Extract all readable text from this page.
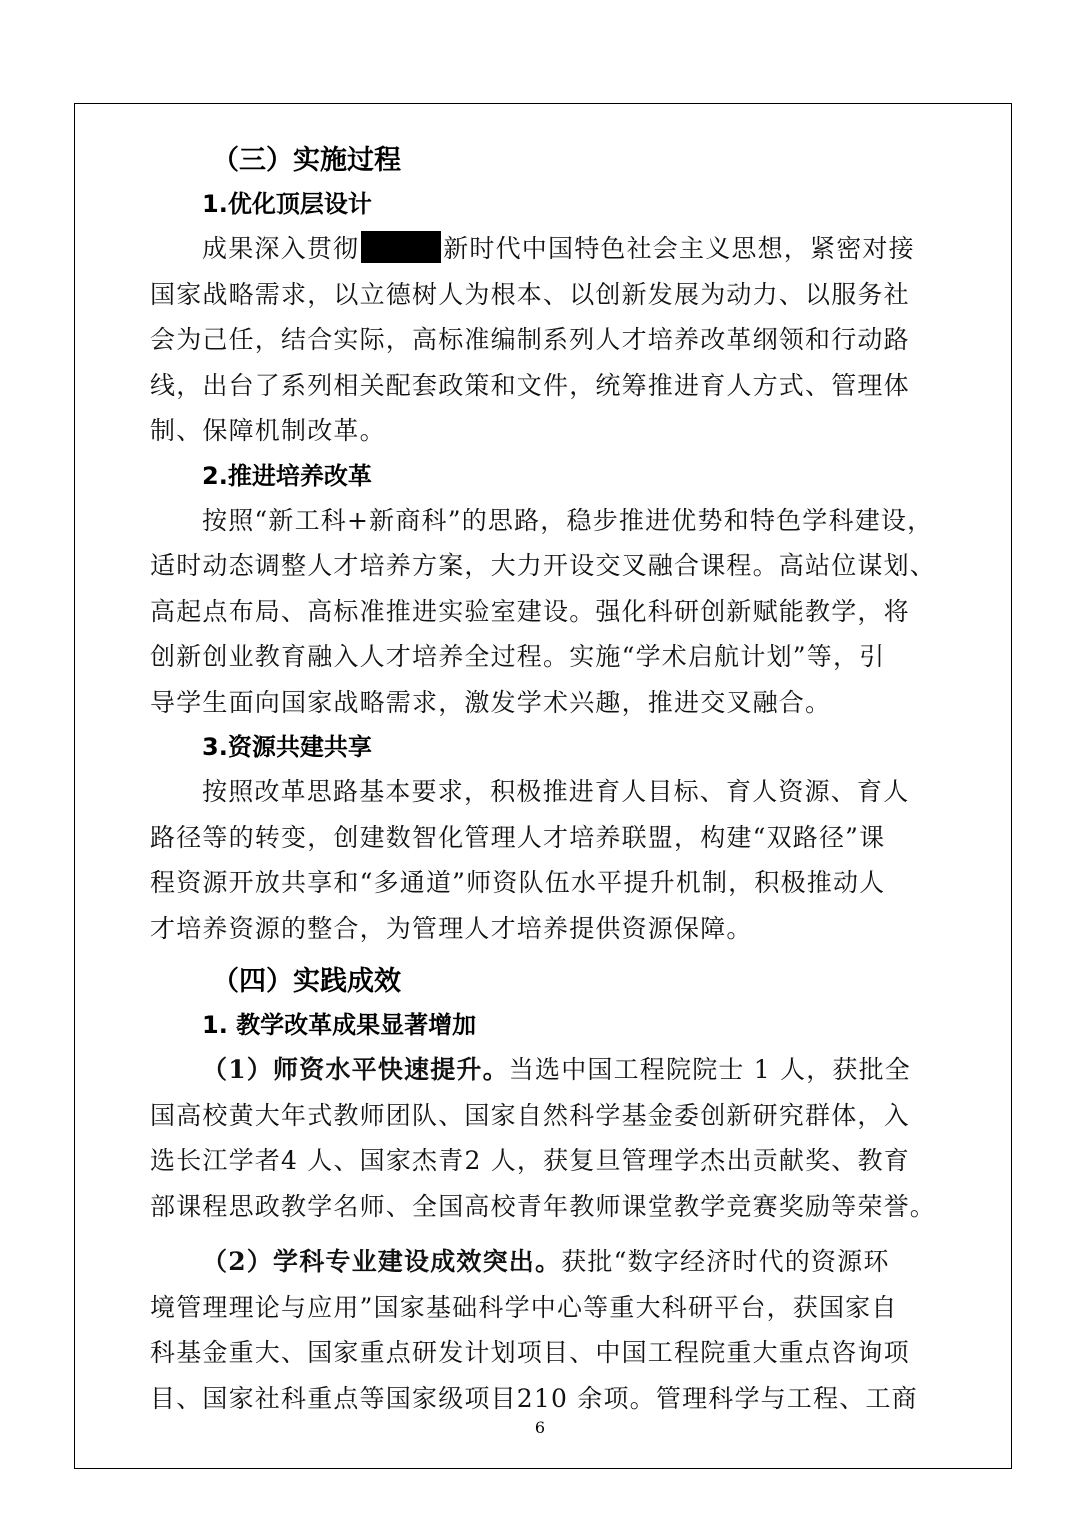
（三）实施过程
1.优化顶层设计
成果深入贯彻	新时代中国特色社会主义思想，紧密对接
国家战略需求，以立德树人为根本、以创新发展为动力、以服务社
会为己任，结合实际，高标准编制系列人才培养改革纲领和行动路
线，出台了系列相关配套政策和文件，统筹推进育人方式、管理体
制、保障机制改革。
2.推进培养改革
按照“新工科+新商科”的思路，稳步推进优势和特色学科建设，
适时动态调整人才培养方案，大力开设交叉融合课程。高站位谋划、
高起点布局、高标准推进实验室建设。强化科研创新赋能教学，将
创新创业教育融入人才培养全过程。实施“学术启航计划”等，引
导学生面向国家战略需求，激发学术兴趣，推进交叉融合。
3.资源共建共享
按照改革思路基本要求，积极推进育人目标、育人资源、育人
路径等的转变，创建数智化管理人才培养联盟，构建“双路径”课
程资源开放共享和“多通道”师资队伍水平提升机制，积极推动人
才培养资源的整合，为管理人才培养提供资源保障。
（四）实践成效
1. 教学改革成果显著增加
（1）师资水平快速提升。当选中国工程院院士 1 人，获批全
国高校黄大年式教师团队、国家自然科学基金委创新研究群体，入
选长江学者4 人、国家杰青2 人，获复旦管理学杰出贡献奖、教育
部课程思政教学名师、全国高校青年教师课堂教学竞赛奖励等荣誉。
（2）学科专业建设成效突出。获批“数字经济时代的资源环
境管理理论与应用”国家基础科学中心等重大科研平台，获国家自
科基金重大、国家重点研发计划项目、中国工程院重大重点咨询项
目、国家社科重点等国家级项目210 余项。管理科学与工程、工商
6
